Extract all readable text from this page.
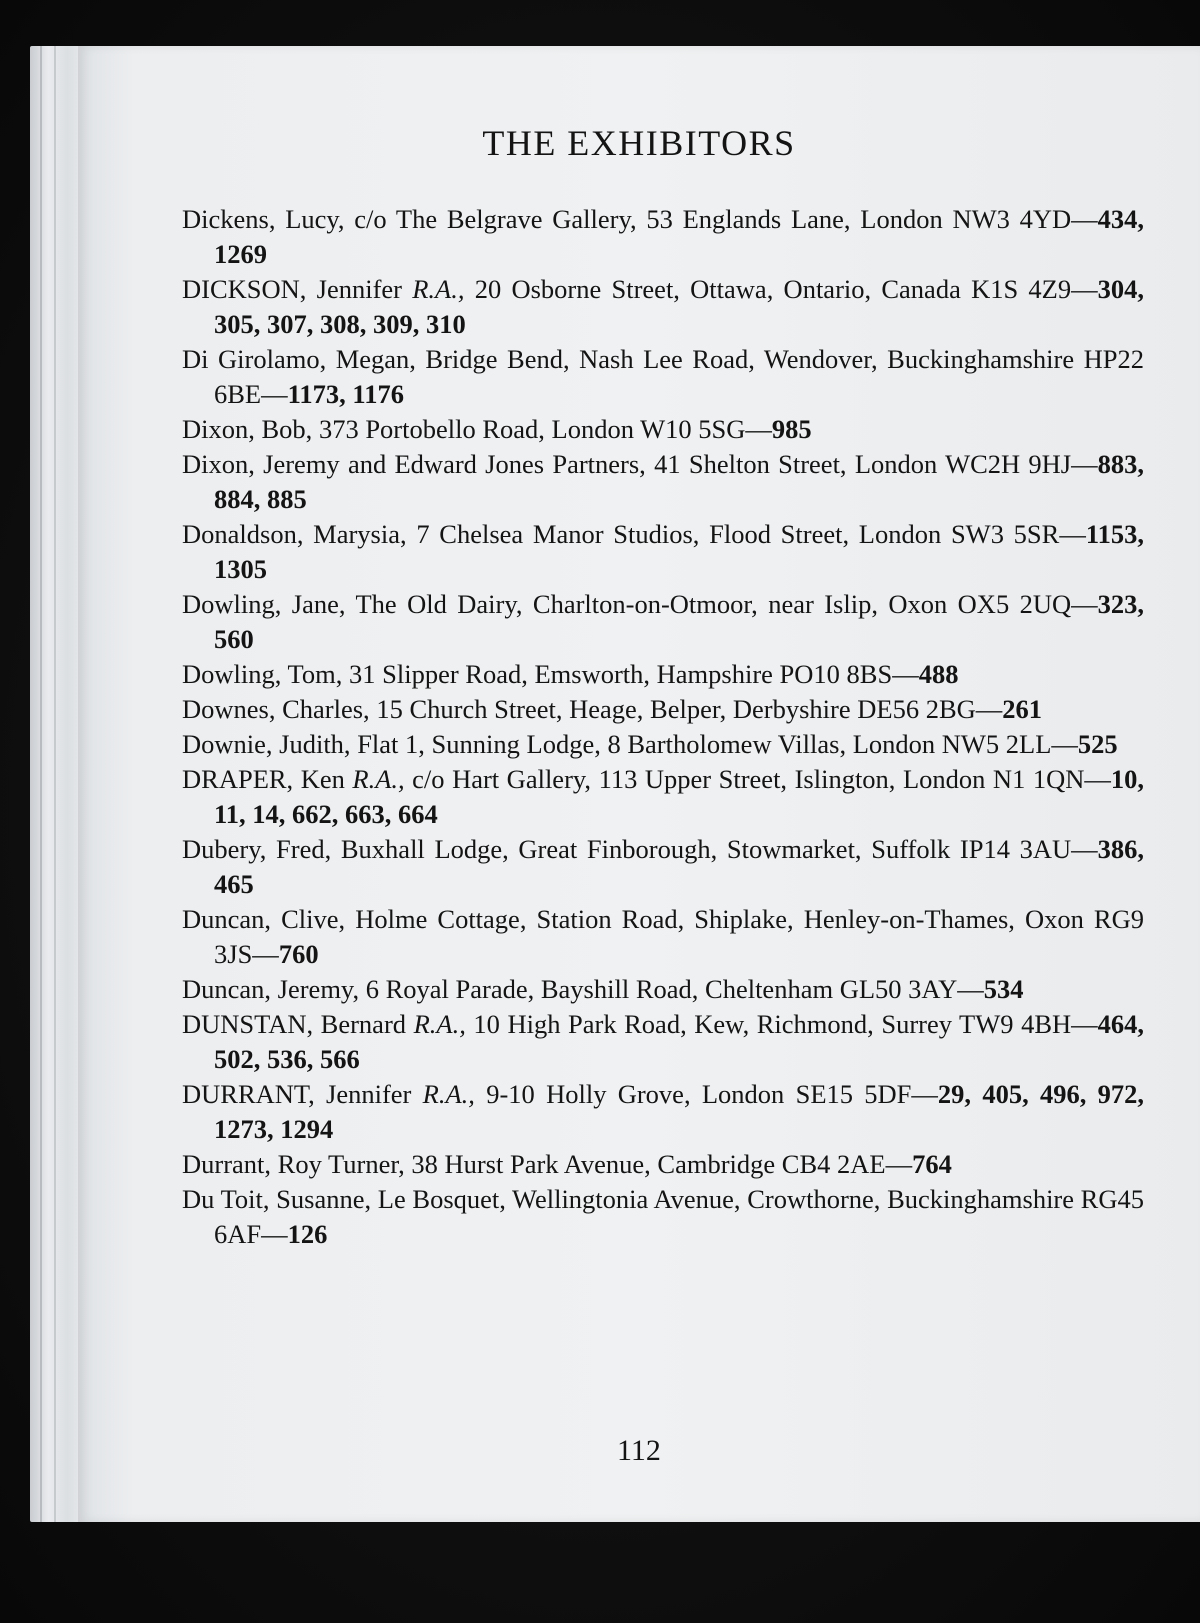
THE EXHIBITORS

Dickens, Lucy, c/o The Belgrave Gallery, 53 Englands Lane, London NW3 4YD—434, 1269

DICKSON, Jennifer R.A., 20 Osborne Street, Ottawa, Ontario, Canada K1S 4Z9—304, 305, 307, 308, 309, 310

Di Girolamo, Megan, Bridge Bend, Nash Lee Road, Wendover, Buckinghamshire HP22 6BE—1173, 1176

Dixon, Bob, 373 Portobello Road, London W10 5SG—985

Dixon, Jeremy and Edward Jones Partners, 41 Shelton Street, London WC2H 9HJ—883, 884, 885

Donaldson, Marysia, 7 Chelsea Manor Studios, Flood Street, London SW3 5SR—1153, 1305

Dowling, Jane, The Old Dairy, Charlton-on-Otmoor, near Islip, Oxon OX5 2UQ—323, 560

Dowling, Tom, 31 Slipper Road, Emsworth, Hampshire PO10 8BS—488

Downes, Charles, 15 Church Street, Heage, Belper, Derbyshire DE56 2BG—261

Downie, Judith, Flat 1, Sunning Lodge, 8 Bartholomew Villas, London NW5 2LL—525

DRAPER, Ken R.A., c/o Hart Gallery, 113 Upper Street, Islington, London N1 1QN—10, 11, 14, 662, 663, 664

Dubery, Fred, Buxhall Lodge, Great Finborough, Stowmarket, Suffolk IP14 3AU—386, 465

Duncan, Clive, Holme Cottage, Station Road, Shiplake, Henley-on-Thames, Oxon RG9 3JS—760

Duncan, Jeremy, 6 Royal Parade, Bayshill Road, Cheltenham GL50 3AY—534

DUNSTAN, Bernard R.A., 10 High Park Road, Kew, Richmond, Surrey TW9 4BH—464, 502, 536, 566

DURRANT, Jennifer R.A., 9-10 Holly Grove, London SE15 5DF—29, 405, 496, 972, 1273, 1294

Durrant, Roy Turner, 38 Hurst Park Avenue, Cambridge CB4 2AE—764

Du Toit, Susanne, Le Bosquet, Wellingtonia Avenue, Crowthorne, Buckinghamshire RG45 6AF—126

112
